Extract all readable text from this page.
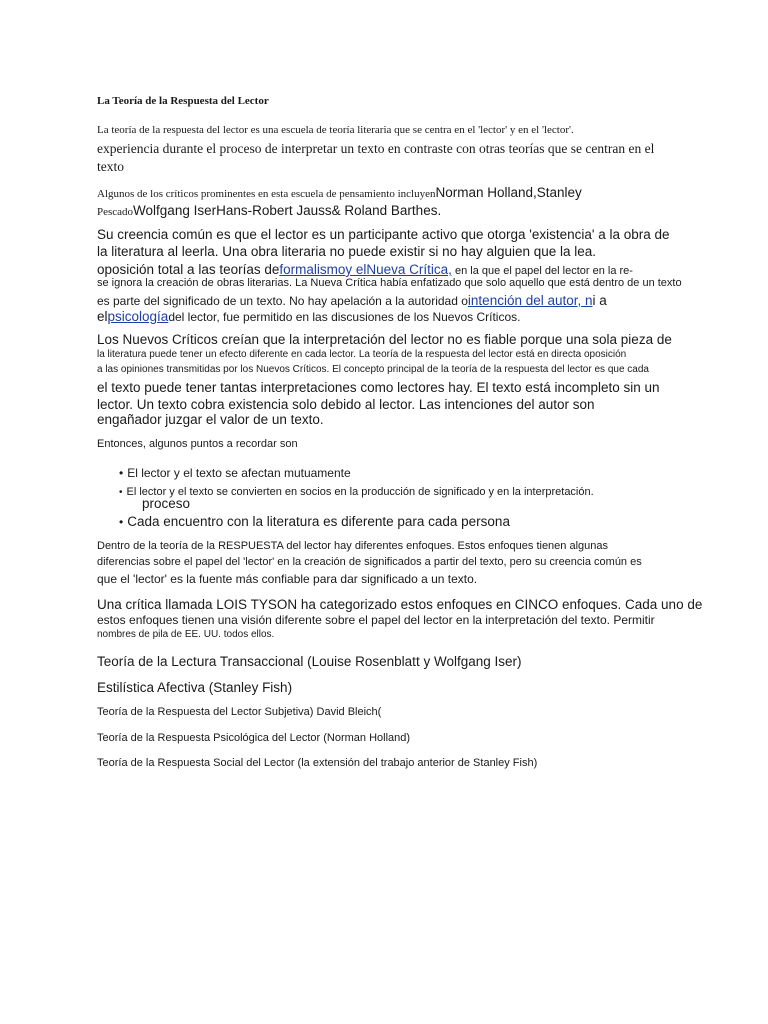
La Teoría de la Respuesta del Lector
La teoría de la respuesta del lector es una escuela de teoría literaria que se centra en el 'lector' y en el 'lector'.
experiencia durante el proceso de interpretar un texto en contraste con otras teorías que se centran en el
texto
Algunos de los críticos prominentes en esta escuela de pensamiento incluyenNorman Holland,Stanley
PescadoWolfgang IserHans-Robert Jauss& Roland Barthes.
Su creencia común es que el lector es un participante activo que otorga 'existencia' a la obra de
la literatura al leerla. Una obra literaria no puede existir si no hay alguien que la lea.
oposición total a las teorías deformalismoy elNueva Crítica, en la que el papel del lector en la re-
se ignora la creación de obras literarias. La Nueva Crítica había enfatizado que solo aquello que está dentro de un texto
es parte del significado de un texto. No hay apelación a la autoridad ointención del autor, ni a
elpsicologíadel lector, fue permitido en las discusiones de los Nuevos Críticos.
Los Nuevos Críticos creían que la interpretación del lector no es fiable porque una sola pieza de
la literatura puede tener un efecto diferente en cada lector. La teoría de la respuesta del lector está en directa oposición
a las opiniones transmitidas por los Nuevos Críticos. El concepto principal de la teoría de la respuesta del lector es que cada
el texto puede tener tantas interpretaciones como lectores hay. El texto está incompleto sin un
lector. Un texto cobra existencia solo debido al lector. Las intenciones del autor son
engañador juzgar el valor de un texto.
Entonces, algunos puntos a recordar son
• El lector y el texto se afectan mutuamente
• El lector y el texto se convierten en socios en la producción de significado y en la interpretación.
proceso
• Cada encuentro con la literatura es diferente para cada persona
Dentro de la teoría de la RESPUESTA del lector hay diferentes enfoques. Estos enfoques tienen algunas
diferencias sobre el papel del 'lector' en la creación de significados a partir del texto, pero su creencia común es
que el 'lector' es la fuente más confiable para dar significado a un texto.
Una crítica llamada LOIS TYSON ha categorizado estos enfoques en CINCO enfoques. Cada uno de
estos enfoques tienen una visión diferente sobre el papel del lector en la interpretación del texto. Permitir
nombres de pila de EE. UU. todos ellos.
Teoría de la Lectura Transaccional (Louise Rosenblatt y Wolfgang Iser)
Estilística Afectiva (Stanley Fish)
Teoría de la Respuesta del Lector Subjetiva) David Bleich(
Teoría de la Respuesta Psicológica del Lector (Norman Holland)
Teoría de la Respuesta Social del Lector (la extensión del trabajo anterior de Stanley Fish)
